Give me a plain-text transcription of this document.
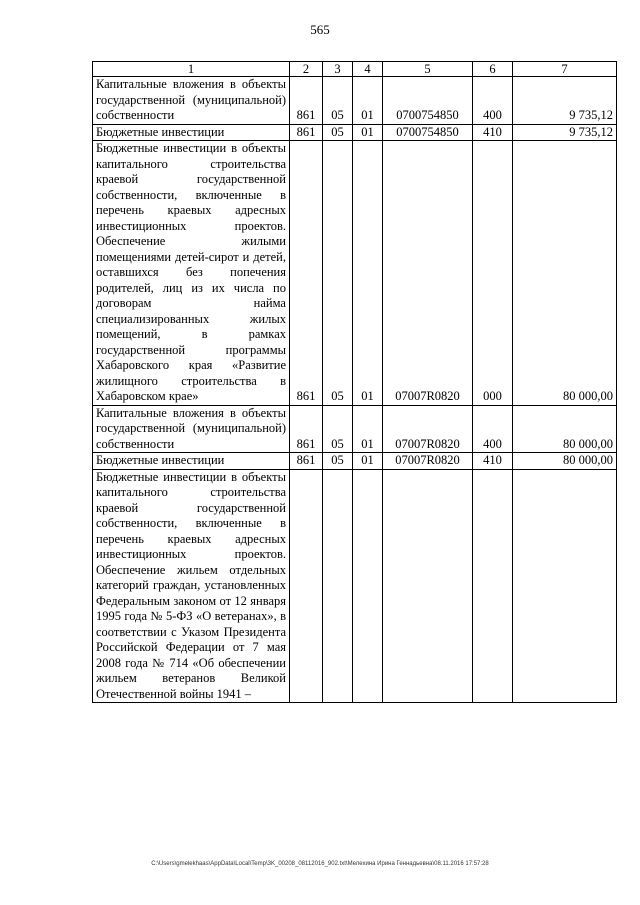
565
1	2	3	4	5	6	7
Капитальные вложения в объекты государственной (муниципальной) собственности	861	05	01	0700754850	400	9 735,12
Бюджетные инвестиции	861	05	01	0700754850	410	9 735,12
Бюджетные инвестиции в объекты капитального строительства краевой государственной собственности, включенные в перечень краевых адресных инвестиционных проектов. Обеспечение жилыми помещениями детей-сирот и детей, оставшихся без попечения родителей, лиц из их числа по договорам найма специализированных жилых помещений, в рамках государственной программы Хабаровского края «Развитие жилищного строительства в Хабаровском крае»	861	05	01	07007R0820	000	80 000,00
Капитальные вложения в объекты государственной (муниципальной) собственности	861	05	01	07007R0820	400	80 000,00
Бюджетные инвестиции	861	05	01	07007R0820	410	80 000,00
Бюджетные инвестиции в объекты капитального строительства краевой государственной собственности, включенные в перечень краевых адресных инвестиционных проектов. Обеспечение жильем отдельных категорий граждан, установленных Федеральным законом от 12 января 1995 года № 5-ФЗ «О ветеранах», в соответствии с Указом Президента Российской Федерации от 7 мая 2008 года № 714 «Об обеспечении жильем ветеранов Великой Отечественной войны 1941 –						
C:\Users\gmelekhaas\AppData\Local\Temp\3K_00208_08112016_902.txt\Мелехина Ирина Геннадьевна\08.11.2016 17:57:28
